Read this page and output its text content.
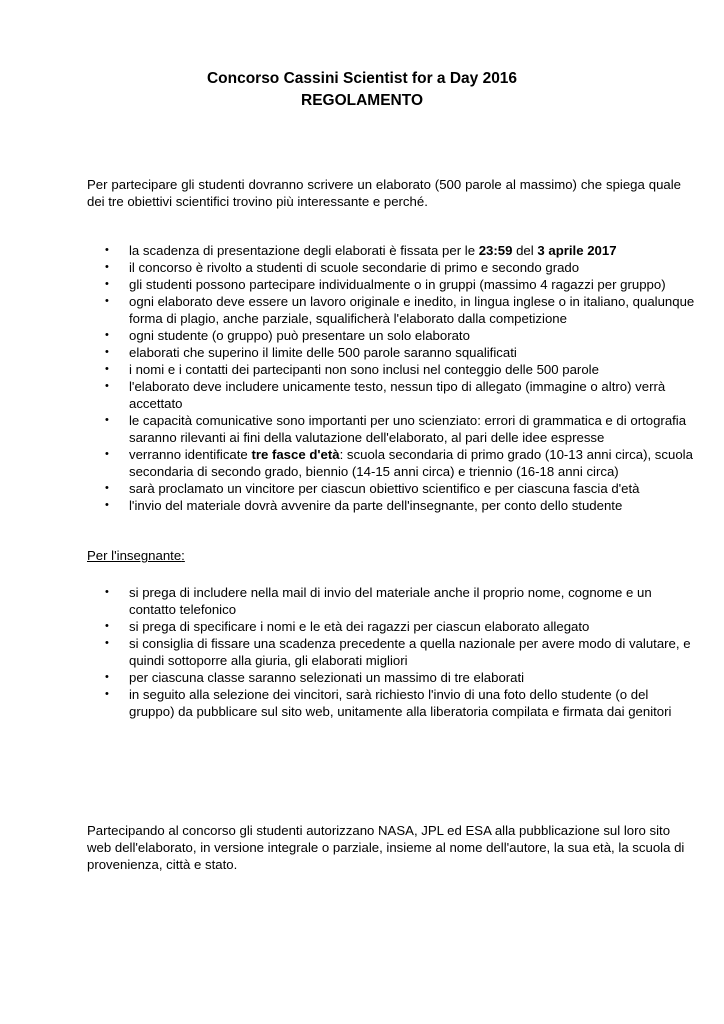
Concorso Cassini Scientist for a Day 2016
REGOLAMENTO
Per partecipare gli studenti dovranno scrivere un elaborato (500 parole al massimo) che spiega quale dei tre obiettivi scientifici trovino più interessante e perché.
•	la scadenza di presentazione degli elaborati è fissata per le 23:59 del 3 aprile 2017
•	il concorso è rivolto a studenti di scuole secondarie di primo e secondo grado
•	gli studenti possono partecipare individualmente o in gruppi (massimo 4 ragazzi per gruppo)
•	ogni elaborato deve essere un lavoro originale e inedito, in lingua inglese o in italiano, qualunque forma di plagio, anche parziale, squalificherà l'elaborato dalla competizione
•	ogni studente (o gruppo) può presentare un solo elaborato
•	elaborati che superino il limite delle 500 parole saranno squalificati
•	i nomi e i contatti dei partecipanti non sono inclusi nel conteggio delle 500 parole
•	l'elaborato deve includere unicamente testo, nessun tipo di allegato (immagine o altro) verrà accettato
•	le capacità comunicative sono importanti per uno scienziato: errori di grammatica e di ortografia saranno rilevanti ai fini della valutazione dell'elaborato, al pari delle idee espresse
•	verranno identificate tre fasce d'età: scuola secondaria di primo grado (10-13 anni circa), scuola secondaria di secondo grado, biennio (14-15 anni circa) e triennio (16-18 anni circa)
•	sarà proclamato un vincitore per ciascun obiettivo scientifico e per ciascuna fascia d'età
•	l'invio del materiale dovrà avvenire da parte dell'insegnante, per conto dello studente
Per l'insegnante:
•	si prega di includere nella mail di invio del materiale anche il proprio nome, cognome e un contatto telefonico
•	si prega di specificare i nomi e le età dei ragazzi per ciascun elaborato allegato
•	si consiglia di fissare una scadenza precedente a quella nazionale per avere modo di valutare, e quindi sottoporre alla giuria, gli elaborati migliori
•	per ciascuna classe saranno selezionati un massimo di tre elaborati
•	in seguito alla selezione dei vincitori, sarà richiesto l'invio di una foto dello studente (o del gruppo) da pubblicare sul sito web, unitamente alla liberatoria compilata e firmata dai genitori
Partecipando al concorso gli studenti autorizzano NASA, JPL ed ESA alla pubblicazione sul loro sito web dell'elaborato, in versione integrale o parziale, insieme al nome dell'autore, la sua età, la scuola di provenienza, città e stato.
